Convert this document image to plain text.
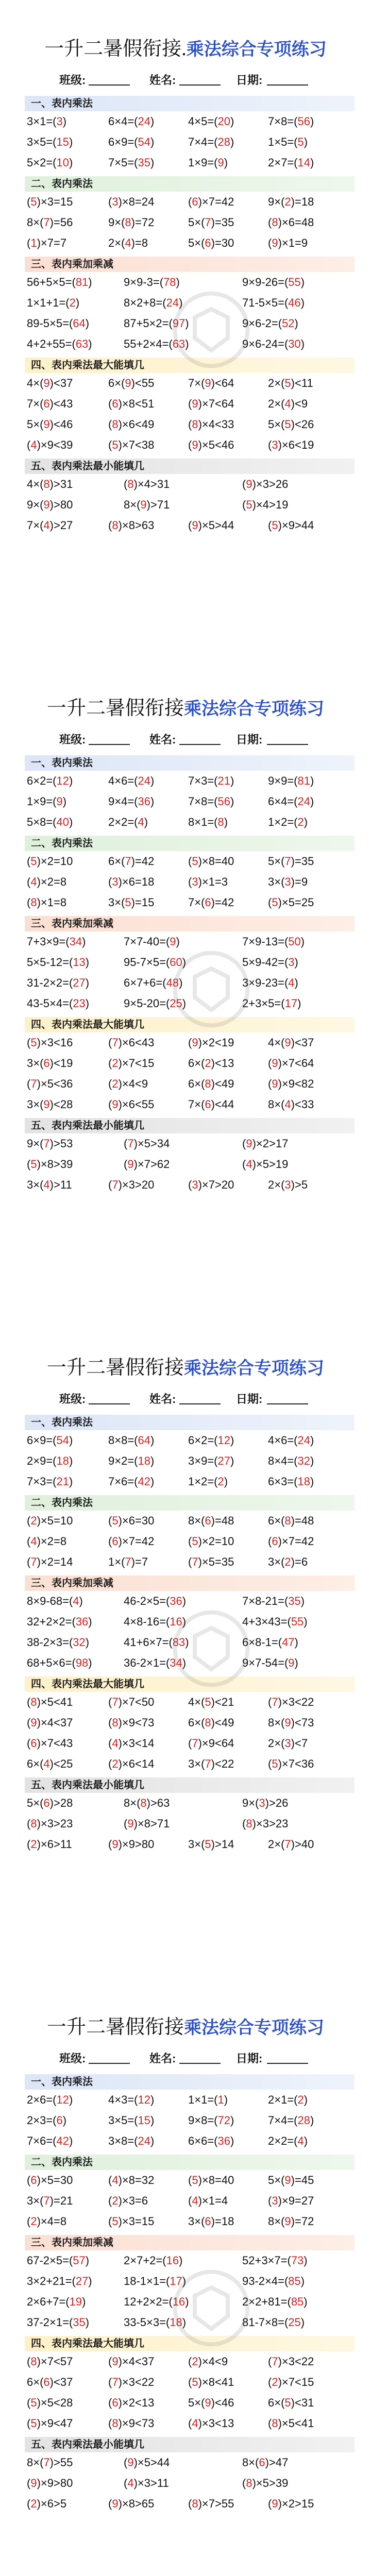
一升二暑假衔接.乘法综合专项练习
班级:	姓名:	日期:
一、表内乘法
3×1=(3)	6×4=(24)	4×5=(20)	7×8=(56)
3×5=(15)	6×9=(54)	7×4=(28)	1×5=(5)
5×2=(10)	7×5=(35)	1×9=(9)	2×7=(14)
二、表内乘法
(5)×3=15	(3)×8=24	(6)×7=42	9×(2)=18
8×(7)=56	9×(8)=72	5×(7)=35	(8)×6=48
(1)×7=7	2×(4)=8	5×(6)=30	(9)×1=9
三、表内乘加乘减
56+5×5=(81)	9×9-3=(78)	9×9-26=(55)
1×1+1=(2)	8×2+8=(24)	71-5×5=(46)
89-5×5=(64)	87+5×2=(97)	9×6-2=(52)
4+2+55=(63)	55+2×4=(63)	9×6-24=(30)
四、表内乘法最大能填几
4×(9)<37	6×(9)<55	7×(9)<64	2×(5)<11
7×(6)<43	(6)×8<51	(9)×7<64	2×(4)<9
5×(9)<46	(8)×6<49	(8)×4<33	5×(5)<26
(4)×9<39	(5)×7<38	(9)×5<46	(3)×6<19
五、表内乘法最小能填几
4×(8)>31	(8)×4>31	(9)×3>26
9×(9)>80	8×(9)>71	(5)×4>19
7×(4)>27	(8)×8>63	(9)×5>44	(5)×9>44
一升二暑假衔接乘法综合专项练习
班级:	姓名:	日期:
一、表内乘法
6×2=(12)	4×6=(24)	7×3=(21)	9×9=(81)
1×9=(9)	9×4=(36)	7×8=(56)	6×4=(24)
5×8=(40)	2×2=(4)	8×1=(8)	1×2=(2)
二、表内乘法
(5)×2=10	6×(7)=42	(5)×8=40	5×(7)=35
(4)×2=8	(3)×6=18	(3)×1=3	3×(3)=9
(8)×1=8	3×(5)=15	7×(6)=42	(5)×5=25
三、表内乘加乘减
7+3×9=(34)	7×7-40=(9)	7×9-13=(50)
5×5-12=(13)	95-7×5=(60)	5×9-42=(3)
31-2×2=(27)	6×7+6=(48)	3×9-23=(4)
43-5×4=(23)	9×5-20=(25)	2+3×5=(17)
四、表内乘法最大能填几
(5)×3<16	(7)×6<43	(9)×2<19	4×(9)<37
3×(6)<19	(2)×7<15	6×(2)<13	(9)×7<64
(7)×5<36	(2)×4<9	6×(8)<49	(9)×9<82
3×(9)<28	(9)×6<55	7×(6)<44	8×(4)<33
五、表内乘法最小能填几
9×(7)>53	(7)×5>34	(9)×2>17
(5)×8>39	(9)×7>62	(4)×5>19
3×(4)>11	(7)×3>20	(3)×7>20	2×(3)>5
一升二暑假衔接乘法综合专项练习
班级:	姓名:	日期:
一、表内乘法
6×9=(54)	8×8=(64)	6×2=(12)	4×6=(24)
2×9=(18)	9×2=(18)	3×9=(27)	8×4=(32)
7×3=(21)	7×6=(42)	1×2=(2)	6×3=(18)
二、表内乘法
(2)×5=10	(5)×6=30	8×(6)=48	6×(8)=48
(4)×2=8	(6)×7=42	(5)×2=10	(6)×7=42
(7)×2=14	1×(7)=7	(7)×5=35	3×(2)=6
三、表内乘加乘减
8×9-68=(4)	46-2×5=(36)	7×8-21=(35)
32+2×2=(36)	4×8-16=(16)	4+3×43=(55)
38-2×3=(32)	41+6×7=(83)	6×8-1=(47)
68+5×6=(98)	36-2×1=(34)	9×7-54=(9)
四、表内乘法最大能填几
(8)×5<41	(7)×7<50	4×(5)<21	(7)×3<22
(9)×4<37	(8)×9<73	6×(8)<49	8×(9)<73
(6)×7<43	(4)×3<14	(7)×9<64	2×(3)<7
6×(4)<25	(2)×6<14	3×(7)<22	(5)×7<36
五、表内乘法最小能填几
5×(6)>28	8×(8)>63	9×(3)>26
(8)×3>23	(9)×8>71	(8)×3>23
(2)×6>11	(9)×9>80	3×(5)>14	2×(7)>40
一升二暑假衔接乘法综合专项练习
班级:	姓名:	日期:
一、表内乘法
2×6=(12)	4×3=(12)	1×1=(1)	2×1=(2)
2×3=(6)	3×5=(15)	9×8=(72)	7×4=(28)
7×6=(42)	3×8=(24)	6×6=(36)	2×2=(4)
二、表内乘法
(6)×5=30	(4)×8=32	(5)×8=40	5×(9)=45
3×(7)=21	(2)×3=6	(4)×1=4	(3)×9=27
(2)×4=8	(5)×3=15	3×(6)=18	8×(9)=72
三、表内乘加乘减
67-2×5=(57)	2×7+2=(16)	52+3×7=(73)
3×2+21=(27)	18-1×1=(17)	93-2×4=(85)
2×6+7=(19)	12+2×2=(16)	2×2+81=(85)
37-2×1=(35)	33-5×3=(18)	81-7×8=(25)
四、表内乘法最大能填几
(8)×7<57	(9)×4<37	(2)×4<9	(7)×3<22
6×(6)<37	(7)×3<22	(5)×8<41	(2)×7<15
(5)×5<28	(6)×2<13	5×(9)<46	6×(5)<31
(5)×9<47	(8)×9<73	(4)×3<13	(8)×5<41
五、表内乘法最小能填几
8×(7)>55	(9)×5>44	8×(6)>47
(9)×9>80	(4)×3>11	(8)×5>39
(2)×6>5	(9)×8>65	(8)×7>55	(9)×2>15
